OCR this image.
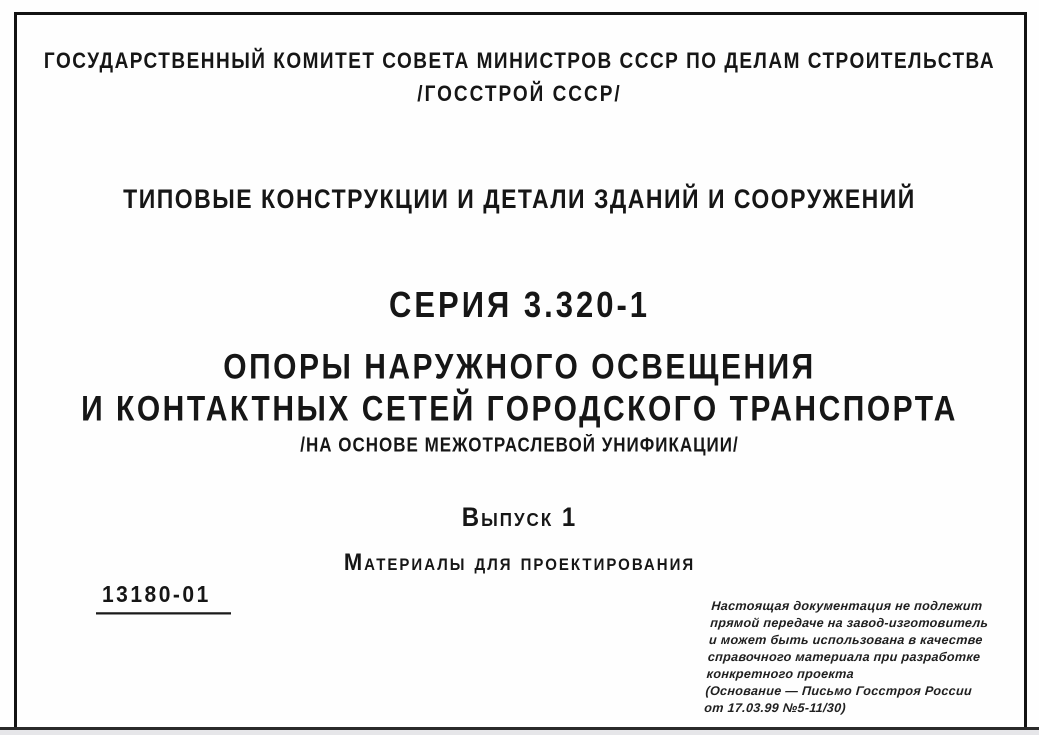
ГОСУДАРСТВЕННЫЙ КОМИТЕТ СОВЕТА МИНИСТРОВ СССР ПО ДЕЛАМ СТРОИТЕЛЬСТВА
/ГОССТРОЙ СССР/
ТИПОВЫЕ КОНСТРУКЦИИ И ДЕТАЛИ ЗДАНИЙ И СООРУЖЕНИЙ
СЕРИЯ 3.320-1
ОПОРЫ НАРУЖНОГО ОСВЕЩЕНИЯ
И КОНТАКТНЫХ СЕТЕЙ ГОРОДСКОГО ТРАНСПОРТА
/НА ОСНОВЕ МЕЖОТРАСЛЕВОЙ УНИФИКАЦИИ/
Выпуск 1
Материалы для проектирования
13180-01	Настоящая документация не подлежит
прямой передаче на завод-изготовитель
и может быть использована в качестве
справочного материала при разработке
конкретного проекта
(Основание — Письмо Госстроя России
от 17.03.99 №5-11/30)
